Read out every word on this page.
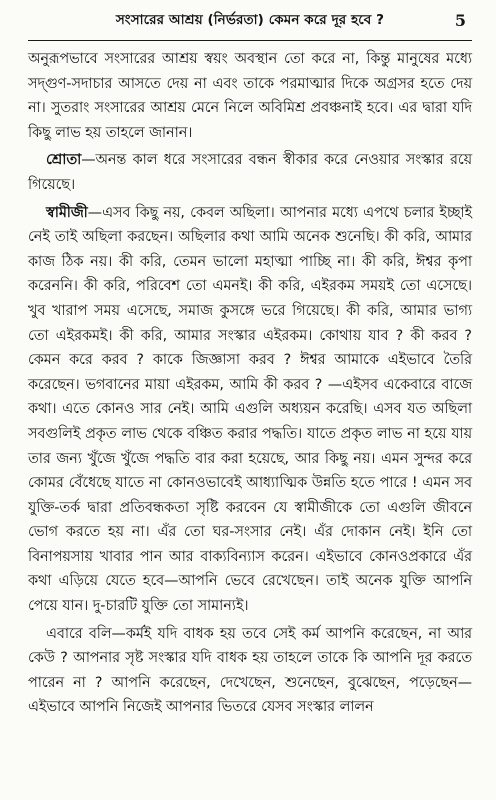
সংসারের আশ্রয় (নির্ভরতা) কেমন করে দূর হবে ?	5

অনুরূপভাবে সংসারের আশ্রয় স্বয়ং অবস্থান তো করে না, কিন্তু মানুষের মধ্যে সদ্গুণ-সদাচার আসতে দেয় না এবং তাকে পরমাত্মার দিকে অগ্রসর হতে দেয় না। সুতরাং সংসারের আশ্রয় মেনে নিলে অবিমিশ্র প্রবঞ্চনাই হবে। এর দ্বারা যদি কিছু লাভ হয় তাহলে জানান।

শ্রোতা—অনন্ত কাল ধরে সংসারের বন্ধন স্বীকার করে নেওয়ার সংস্কার রয়ে গিয়েছে।

স্বামীজী—এসব কিছু নয়, কেবল অছিলা। আপনার মধ্যে এপথে চলার ইচ্ছাই নেই তাই অছিলা করছেন। অছিলার কথা আমি অনেক শুনেছি। কী করি, আমার কাজ ঠিক নয়। কী করি, তেমন ভালো মহাত্মা পাচ্ছি না। কী করি, ঈশ্বর কৃপা করেননি। কী করি, পরিবেশ তো এমনই। কী করি, এইরকম সময়ই তো এসেছে। খুব খারাপ সময় এসেছে, সমাজ কুসঙ্গে ভরে গিয়েছে। কী করি, আমার ভাগ্য তো এইরকমই। কী করি, আমার সংস্কার এইরকম। কোথায় যাব ? কী করব ? কেমন করে করব ? কাকে জিজ্ঞাসা করব ? ঈশ্বর আমাকে এইভাবে তৈরি করেছেন। ভগবানের মায়া এইরকম, আমি কী করব ? —এইসব একেবারে বাজে কথা। এতে কোনও সার নেই। আমি এগুলি অধ্যয়ন করেছি। এসব যত অছিলা সবগুলিই প্রকৃত লাভ থেকে বঞ্চিত করার পদ্ধতি। যাতে প্রকৃত লাভ না হয়ে যায় তার জন্য খুঁজে খুঁজে পদ্ধতি বার করা হয়েছে, আর কিছু নয়। এমন সুন্দর করে কোমর বেঁধেছে যাতে না কোনওভাবেই আধ্যাত্মিক উন্নতি হতে পারে ! এমন সব যুক্তি-তর্ক দ্বারা প্রতিবন্ধকতা সৃষ্টি করবেন যে স্বামীজীকে তো এগুলি জীবনে ভোগ করতে হয় না। এঁর তো ঘর-সংসার নেই। এঁর দোকান নেই। ইনি তো বিনাপয়সায় খাবার পান আর বাক্যবিন্যাস করেন। এইভাবে কোনওপ্রকারে এঁর কথা এড়িয়ে যেতে হবে—আপনি ভেবে রেখেছেন। তাই অনেক যুক্তি আপনি পেয়ে যান। দু-চারটি যুক্তি তো সামান্যই।

এবারে বলি—কর্মই যদি বাধক হয় তবে সেই কর্ম আপনি করেছেন, না আর কেউ ? আপনার সৃষ্ট সংস্কার যদি বাধক হয় তাহলে তাকে কি আপনি দূর করতে পারেন না ? আপনি করেছেন, দেখেছেন, শুনেছেন, বুঝেছেন, পড়েছেন—এইভাবে আপনি নিজেই আপনার ভিতরে যেসব সংস্কার লালন
